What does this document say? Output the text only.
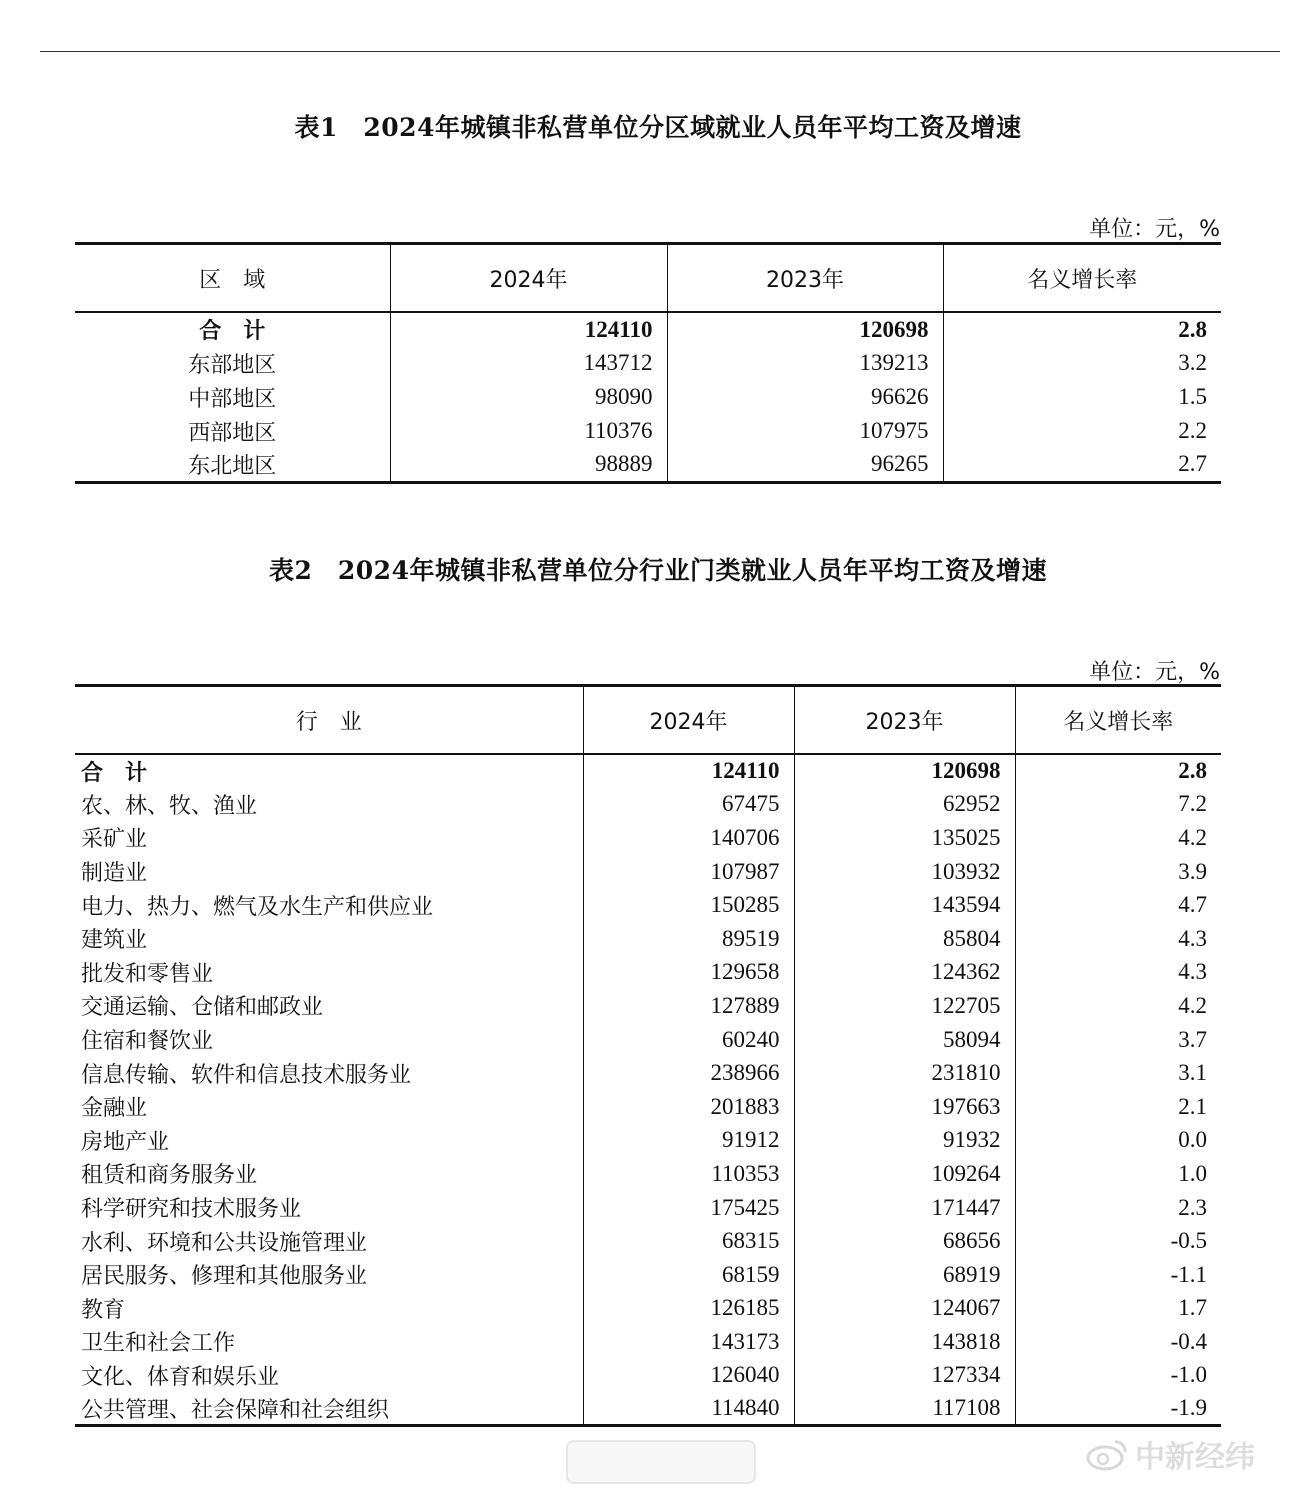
表1　2024年城镇非私营单位分区域就业人员年平均工资及增速
单位：元，%
区　域	2024年	2023年	名义增长率
合　计	124110	120698	2.8
东部地区	143712	139213	3.2
中部地区	98090	96626	1.5
西部地区	110376	107975	2.2
东北地区	98889	96265	2.7
表2　2024年城镇非私营单位分行业门类就业人员年平均工资及增速
单位：元，%
行　业	2024年	2023年	名义增长率
合　计	124110	120698	2.8
农、林、牧、渔业	67475	62952	7.2
采矿业	140706	135025	4.2
制造业	107987	103932	3.9
电力、热力、燃气及水生产和供应业	150285	143594	4.7
建筑业	89519	85804	4.3
批发和零售业	129658	124362	4.3
交通运输、仓储和邮政业	127889	122705	4.2
住宿和餐饮业	60240	58094	3.7
信息传输、软件和信息技术服务业	238966	231810	3.1
金融业	201883	197663	2.1
房地产业	91912	91932	0.0
租赁和商务服务业	110353	109264	1.0
科学研究和技术服务业	175425	171447	2.3
水利、环境和公共设施管理业	68315	68656	-0.5
居民服务、修理和其他服务业	68159	68919	-1.1
教育	126185	124067	1.7
卫生和社会工作	143173	143818	-0.4
文化、体育和娱乐业	126040	127334	-1.0
公共管理、社会保障和社会组织	114840	117108	-1.9
中新经纬
